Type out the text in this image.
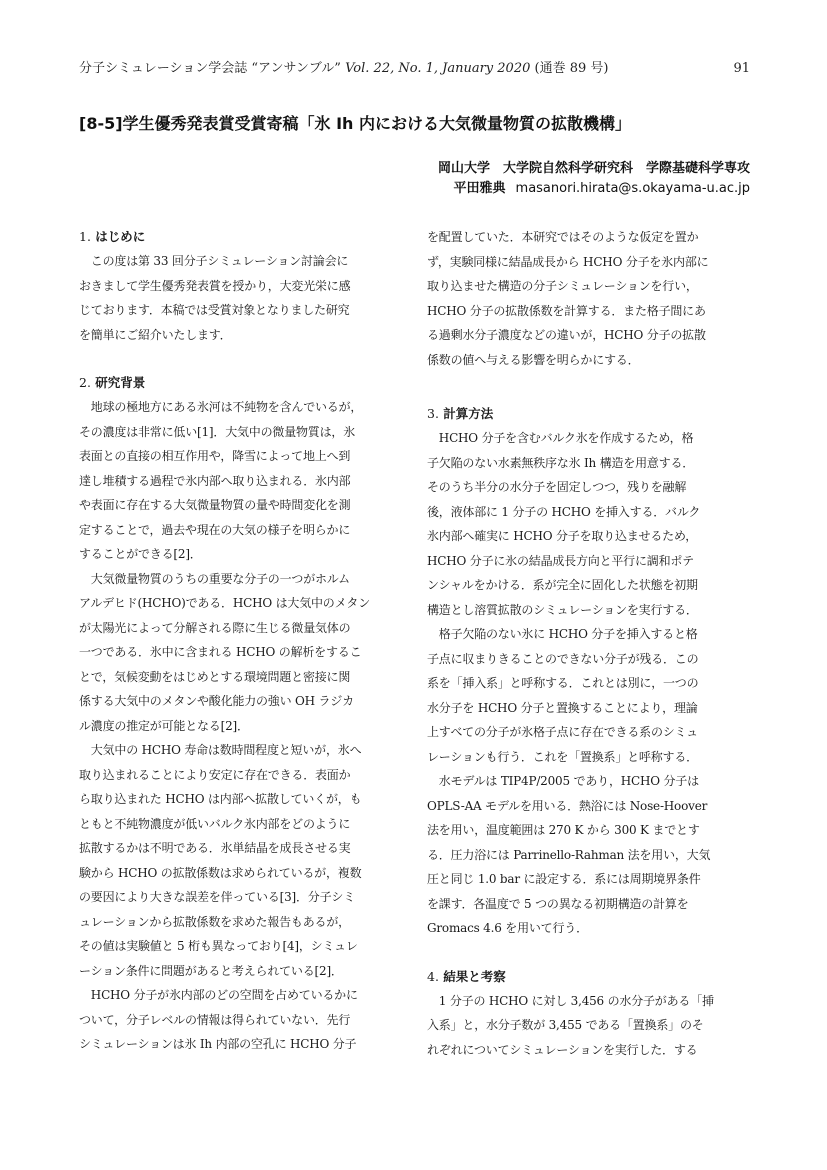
分子シミュレーション学会誌 “アンサンブル” Vol. 22, No. 1, January 2020 (通巻 89 号)	91
[8-5]学生優秀発表賞受賞寄稿「氷 Ih 内における大気微量物質の拡散機構」
岡山大学　大学院自然科学研究科　学際基礎科学専攻
平田雅典 masanori.hirata@s.okayama-u.ac.jp
1. はじめに

　この度は第 33 回分子シミュレーション討論会に
おきまして学生優秀発表賞を授かり，大変光栄に感
じております．本稿では受賞対象となりました研究
を簡単にご紹介いたします．

2. 研究背景

　地球の極地方にある氷河は不純物を含んでいるが，
その濃度は非常に低い[1]．大気中の微量物質は，氷
表面との直接の相互作用や，降雪によって地上へ到
達し堆積する過程で氷内部へ取り込まれる．氷内部
や表面に存在する大気微量物質の量や時間変化を測
定することで，過去や現在の大気の様子を明らかに
することができる[2]．

　大気微量物質のうちの重要な分子の一つがホルム
アルデヒド(HCHO)である．HCHO は大気中のメタン
が太陽光によって分解される際に生じる微量気体の
一つである．氷中に含まれる HCHO の解析をするこ
とで，気候変動をはじめとする環境問題と密接に関
係する大気中のメタンや酸化能力の強い OH ラジカ
ル濃度の推定が可能となる[2]．

　大気中の HCHO 寿命は数時間程度と短いが，氷へ
取り込まれることにより安定に存在できる．表面か
ら取り込まれた HCHO は内部へ拡散していくが，も
ともと不純物濃度が低いバルク氷内部をどのように
拡散するかは不明である．氷単結晶を成長させる実
験から HCHO の拡散係数は求められているが，複数
の要因により大きな誤差を伴っている[3]．分子シミ
ュレーションから拡散係数を求めた報告もあるが，
その値は実験値と 5 桁も異なっており[4]，シミュレ
ーション条件に問題があると考えられている[2]．

　HCHO 分子が氷内部のどの空間を占めているかに
ついて，分子レベルの情報は得られていない．先行
シミュレーションは氷 Ih 内部の空孔に HCHO 分子

を配置していた．本研究ではそのような仮定を置か
ず，実験同様に結晶成長から HCHO 分子を氷内部に
取り込ませた構造の分子シミュレーションを行い，
HCHO 分子の拡散係数を計算する．また格子間にあ
る過剰水分子濃度などの違いが，HCHO 分子の拡散
係数の値へ与える影響を明らかにする．

3. 計算方法

　HCHO 分子を含むバルク氷を作成するため，格
子欠陥のない水素無秩序な氷 Ih 構造を用意する．
そのうち半分の水分子を固定しつつ，残りを融解
後，液体部に 1 分子の HCHO を挿入する．バルク
氷内部へ確実に HCHO 分子を取り込ませるため，
HCHO 分子に氷の結晶成長方向と平行に調和ポテ
ンシャルをかける．系が完全に固化した状態を初期
構造とし溶質拡散のシミュレーションを実行する．

　格子欠陥のない氷に HCHO 分子を挿入すると格
子点に収まりきることのできない分子が残る．この
系を「挿入系」と呼称する．これとは別に，一つの
水分子を HCHO 分子と置換することにより，理論
上すべての分子が氷格子点に存在できる系のシミュ
レーションも行う．これを「置換系」と呼称する．

　水モデルは TIP4P/2005 であり，HCHO 分子は
OPLS-AA モデルを用いる．熱浴には Nose-Hoover
法を用い，温度範囲は 270 K から 300 K までとす
る．圧力浴には Parrinello-Rahman 法を用い，大気
圧と同じ 1.0 bar に設定する．系には周期境界条件
を課す．各温度で 5 つの異なる初期構造の計算を
Gromacs 4.6 を用いて行う．

4. 結果と考察

　1 分子の HCHO に対し 3,456 の水分子がある「挿
入系」と，水分子数が 3,455 である「置換系」のそ
れぞれについてシミュレーションを実行した．する
